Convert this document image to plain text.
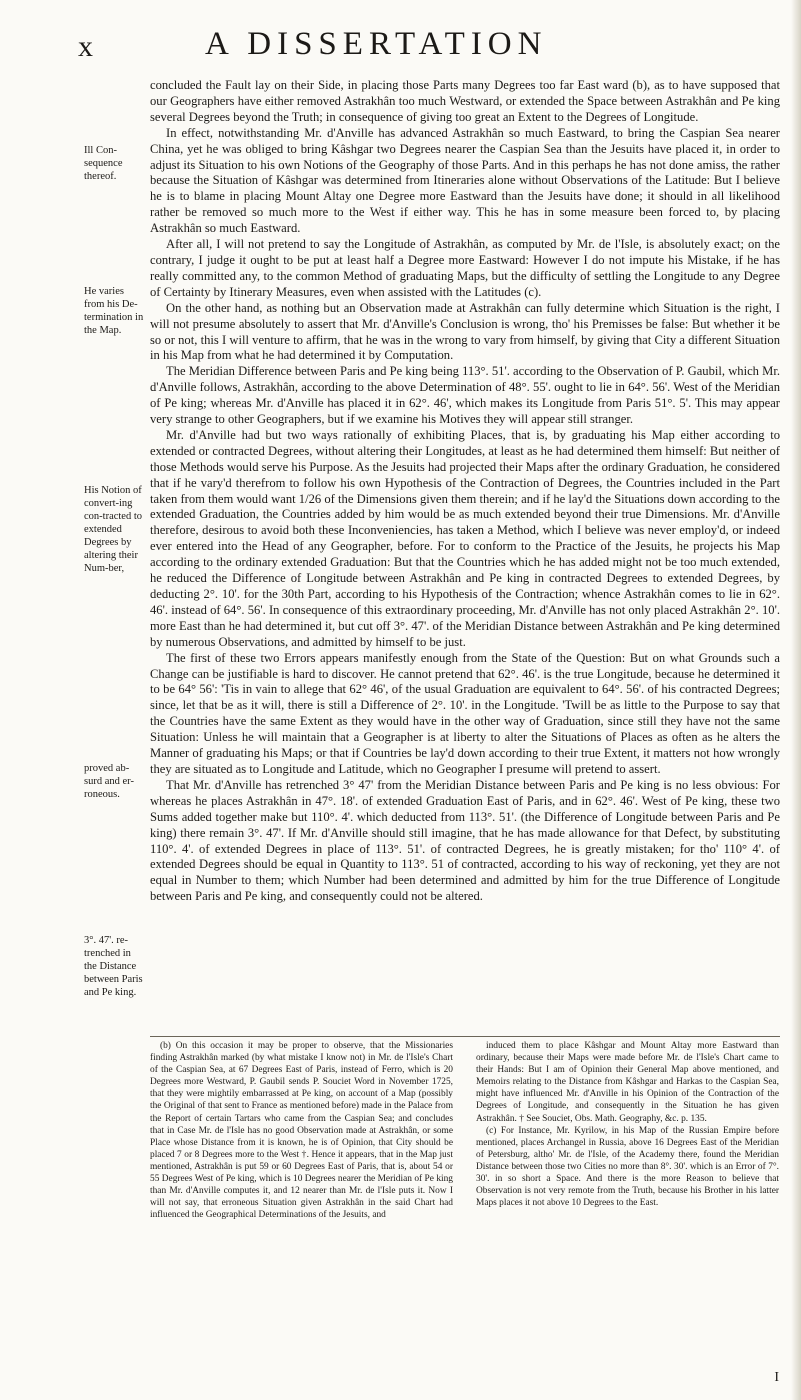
x	A DISSERTATION
Ill Con-sequence thereof.
He varies from his De-termination in the Map.
His Notion of convert-ing con-tracted to extended Degrees by altering their Num-ber,
proved ab-surd and er-roneous.
3°. 47'. re-trenched in the Distance between Paris and Pe king.

concluded the Fault lay on their Side, in placing those Parts many Degrees too far East ward (b), as to have supposed that our Geographers have either removed Astrakhân too much Westward, or extended the Space between Astrakhân and Pe king several Degrees beyond the Truth; in consequence of giving too great an Extent to the Degrees of Longitude.

In effect, notwithstanding Mr. d'Anville has advanced Astrakhân so much Eastward, to bring the Caspian Sea nearer China, yet he was obliged to bring Kâshgar two Degrees nearer the Caspian Sea than the Jesuits have placed it, in order to adjust its Situation to his own Notions of the Geography of those Parts. And in this perhaps he has not done amiss, the rather because the Situation of Kâshgar was determined from Itineraries alone without Observations of the Latitude: But I believe he is to blame in placing Mount Altay one Degree more Eastward than the Jesuits have done; it should in all likelihood rather be removed so much more to the West if either way. This he has in some measure been forced to, by placing Astrakhân so much Eastward.

After all, I will not pretend to say the Longitude of Astrakhân, as computed by Mr. de l'Isle, is absolutely exact; on the contrary, I judge it ought to be put at least half a Degree more Eastward: However I do not impute his Mistake, if he has really committed any, to the common Method of graduating Maps, but the difficulty of settling the Longitude to any Degree of Certainty by Itinerary Measures, even when assisted with the Latitudes (c).

On the other hand, as nothing but an Observation made at Astrakhân can fully determine which Situation is the right, I will not presume absolutely to assert that Mr. d'Anville's Conclusion is wrong, tho' his Premisses be false: But whether it be so or not, this I will venture to affirm, that he was in the wrong to vary from himself, by giving that City a different Situation in his Map from what he had determined it by Computation.

The Meridian Difference between Paris and Pe king being 113°. 51'. according to the Observation of P. Gaubil, which Mr. d'Anville follows, Astrakhân, according to the above Determination of 48°. 55'. ought to lie in 64°. 56'. West of the Meridian of Pe king; whereas Mr. d'Anville has placed it in 62°. 46', which makes its Longitude from Paris 51°. 5'. This may appear very strange to other Geographers, but if we examine his Motives they will appear still stranger.

Mr. d'Anville had but two ways rationally of exhibiting Places, that is, by graduating his Map either according to extended or contracted Degrees, without altering their Longitudes, at least as he had determined them himself: But neither of those Methods would serve his Purpose. As the Jesuits had projected their Maps after the ordinary Graduation, he considered that if he vary'd therefrom to follow his own Hypothesis of the Contraction of Degrees, the Countries included in the Part taken from them would want 1/26 of the Dimensions given them therein; and if he lay'd the Situations down according to the extended Graduation, the Countries added by him would be as much extended beyond their true Dimensions. Mr. d'Anville therefore, desirous to avoid both these Inconveniencies, has taken a Method, which I believe was never employ'd, or indeed ever entered into the Head of any Geographer, before. For to conform to the Practice of the Jesuits, he projects his Map according to the ordinary extended Graduation: But that the Countries which he has added might not be too much extended, he reduced the Difference of Longitude between Astrakhân and Pe king in contracted Degrees to extended Degrees, by deducting 2°. 10'. for the 30th Part, according to his Hypothesis of the Contraction; whence Astrakhân comes to lie in 62°. 46'. instead of 64°. 56'. In consequence of this extraordinary proceeding, Mr. d'Anville has not only placed Astrakhân 2°. 10'. more East than he had determined it, but cut off 3°. 47'. of the Meridian Distance between Astrakhân and Pe king determined by numerous Observations, and admitted by himself to be just.

The first of these two Errors appears manifestly enough from the State of the Question: But on what Grounds such a Change can be justifiable is hard to discover. He cannot pretend that 62°. 46'. is the true Longitude, because he determined it to be 64° 56': 'Tis in vain to allege that 62° 46', of the usual Graduation are equivalent to 64°. 56'. of his contracted Degrees; since, let that be as it will, there is still a Difference of 2°. 10'. in the Longitude. 'Twill be as little to the Purpose to say that the Countries have the same Extent as they would have in the other way of Graduation, since still they have not the same Situation: Unless he will maintain that a Geographer is at liberty to alter the Situations of Places as often as he alters the Manner of graduating his Maps; or that if Countries be lay'd down according to their true Extent, it matters not how wrongly they are situated as to Longitude and Latitude, which no Geographer I presume will pretend to assert.

That Mr. d'Anville has retrenched 3° 47' from the Meridian Distance between Paris and Pe king is no less obvious: For whereas he places Astrakhân in 47°. 18'. of extended Graduation East of Paris, and in 62°. 46'. West of Pe king, these two Sums added together make but 110°. 4'. which deducted from 113°. 51'. (the Difference of Longitude between Paris and Pe king) there remain 3°. 47'. If Mr. d'Anville should still imagine, that he has made allowance for that Defect, by substituting 110°. 4'. of extended Degrees in place of 113°. 51'. of contracted Degrees, he is greatly mistaken; for tho' 110° 4'. of extended Degrees should be equal in Quantity to 113°. 51 of contracted, according to his way of reckoning, yet they are not equal in Number to them; which Number had been determined and admitted by him for the true Difference of Longitude between Paris and Pe king, and consequently could not be altered.

(b) On this occasion it may be proper to observe, that the Missionaries finding Astrakhân marked (by what mistake I know not) in Mr. de l'Isle's Chart of the Caspian Sea, at 67 Degrees East of Paris, instead of Ferro, which is 20 Degrees more Westward, P. Gaubil sends P. Souciet Word in November 1725, that they were mightily embarrassed at Pe king, on account of a Map (possibly the Original of that sent to France as mentioned before) made in the Palace from the Report of certain Tartars who came from the Caspian Sea; and concludes that in Case Mr. de l'Isle has no good Observation made at Astrakhân, or some Place whose Distance from it is known, he is of Opinion, that City should be placed 7 or 8 Degrees more to the West †. Hence it appears, that in the Map just mentioned, Astrakhân is put 59 or 60 Degrees East of Paris, that is, about 54 or 55 Degrees West of Pe king, which is 10 Degrees nearer the Meridian of Pe king than Mr. d'Anville computes it, and 12 nearer than Mr. de l'Isle puts it. Now I will not say, that erroneous Situation given Astrakhân in the said Chart had influenced the Geographical Determinations of the Jesuits, and

induced them to place Kâshgar and Mount Altay more Eastward than ordinary, because their Maps were made before Mr. de l'Isle's Chart came to their Hands: But I am of Opinion their General Map above mentioned, and Memoirs relating to the Distance from Kâshgar and Harkas to the Caspian Sea, might have influenced Mr. d'Anville in his Opinion of the Contraction of the Degrees of Longitude, and consequently in the Situation he has given Astrakhân. † See Souciet, Obs. Math. Geography, &c. p. 135.

(c) For Instance, Mr. Kyrilow, in his Map of the Russian Empire before mentioned, places Archangel in Russia, above 16 Degrees East of the Meridian of Petersburg, altho' Mr. de l'Isle, of the Academy there, found the Meridian Distance between those two Cities no more than 8°. 30'. which is an Error of 7°. 30'. in so short a Space. And there is the more Reason to believe that Observation is not very remote from the Truth, because his Brother in his latter Maps places it not above 10 Degrees to the East.

I
